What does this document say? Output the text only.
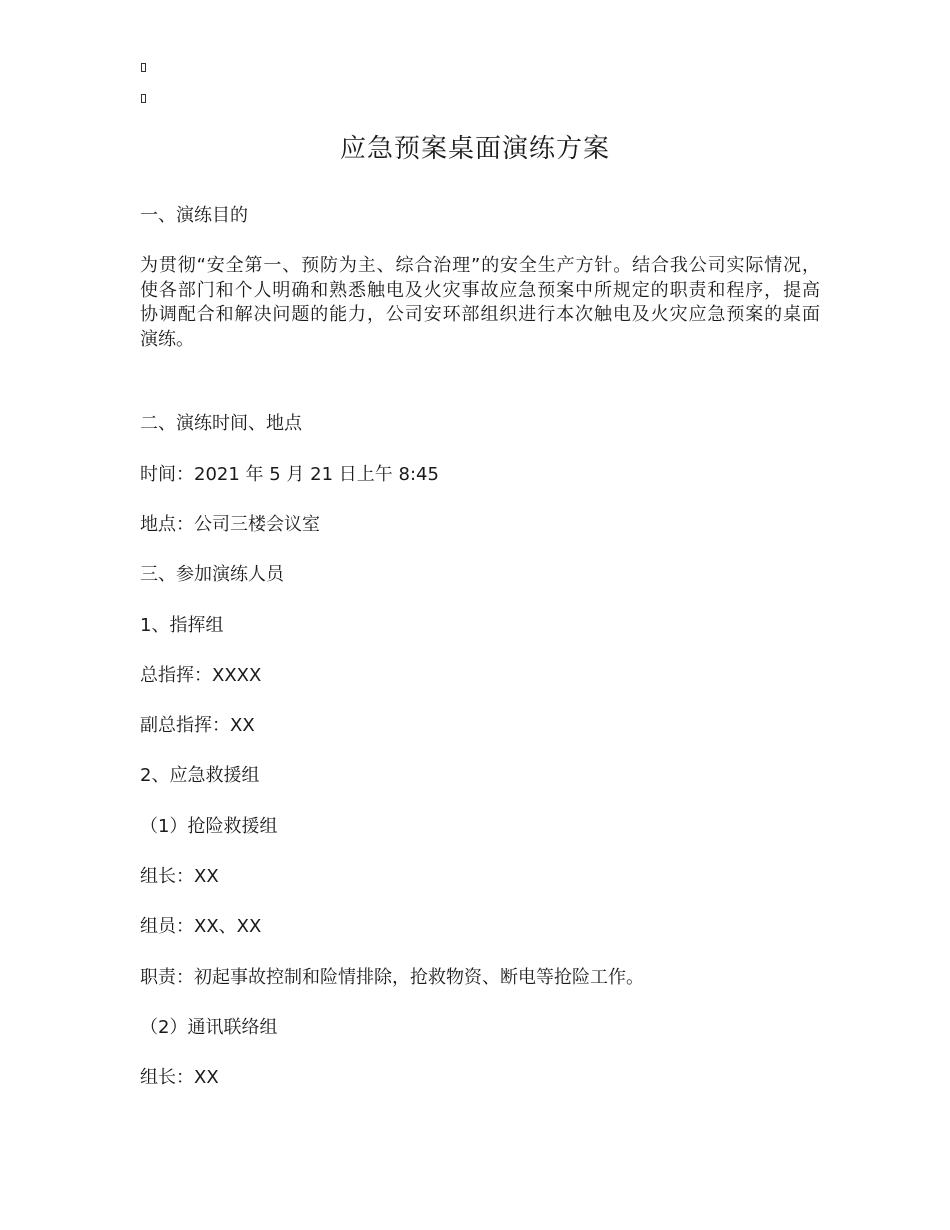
应急预案桌面演练方案
一、演练目的
为贯彻“安全第一、预防为主、综合治理”的安全生产方针。结合我公司实际情况，
使各部门和个人明确和熟悉触电及火灾事故应急预案中所规定的职责和程序，提高
协调配合和解决问题的能力，公司安环部组织进行本次触电及火灾应急预案的桌面
演练。
二、演练时间、地点
时间：2021 年 5 月 21 日上午 8:45
地点：公司三楼会议室
三、参加演练人员
1、指挥组
总指挥：XXXX
副总指挥：XX
2、应急救援组
（1）抢险救援组
组长：XX
组员：XX、XX
职责：初起事故控制和险情排除，抢救物资、断电等抢险工作。
（2）通讯联络组
组长：XX
